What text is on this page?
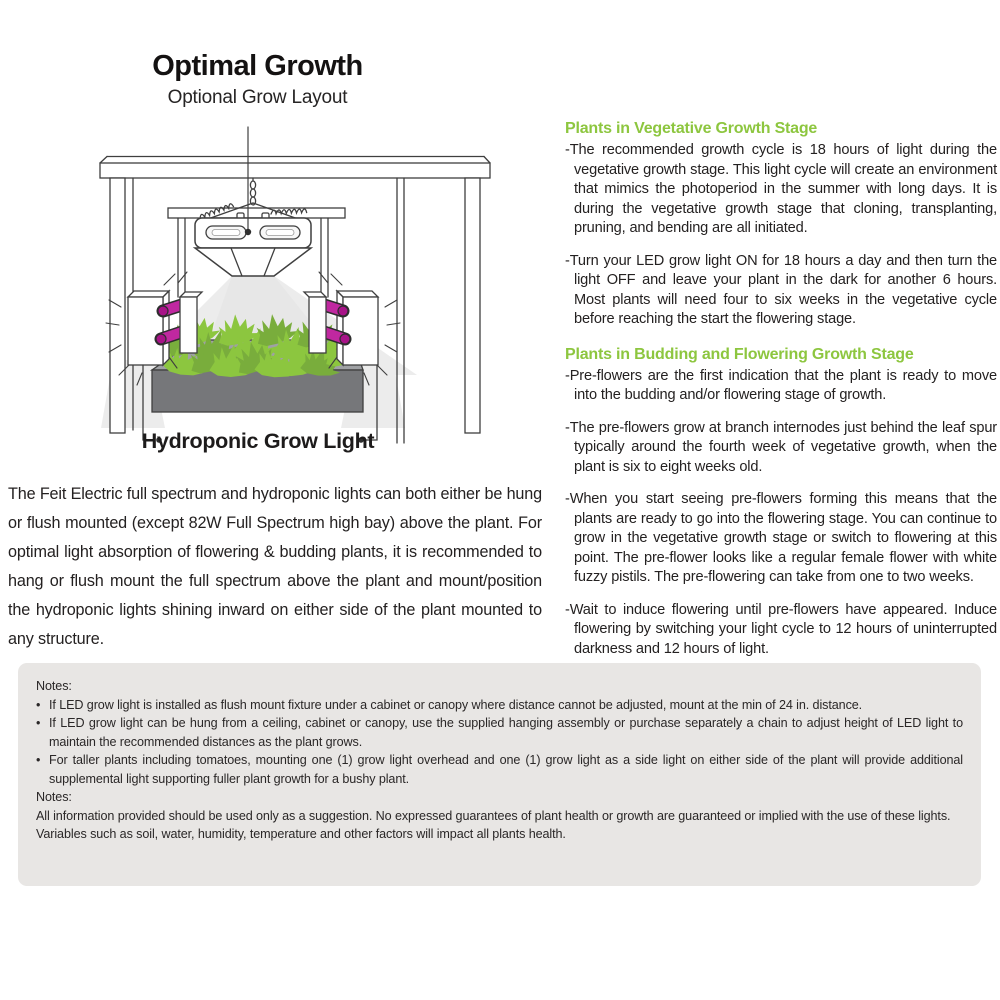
Optimal Growth
Optional Grow Layout
Hydroponic Grow Light

The Feit Electric full spectrum and hydroponic lights can both either be hung or flush mounted (except 82W Full Spectrum high bay) above the plant. For optimal light absorption of flowering & budding plants, it is recommended to hang or flush mount the full spectrum above the plant and mount/position the hydroponic lights shining inward on either side of the plant mounted to any structure.

Plants in Vegetative Growth Stage

-The recommended growth cycle is 18 hours of light during the vegetative growth stage. This light cycle will create an environment that mimics the photoperiod in the summer with long days. It is during the vegetative growth stage that cloning, transplanting, pruning, and bending are all initiated.

-Turn your LED grow light ON for 18 hours a day and then turn the light OFF and leave your plant in the dark for another 6 hours. Most plants will need four to six weeks in the vegetative cycle before reaching the start the flowering stage.

Plants in Budding and Flowering Growth Stage

-Pre-flowers are the first indication that the plant is ready to move into the budding and/or flowering stage of growth.

-The pre-flowers grow at branch internodes just behind the leaf spur typically around the fourth week of vegetative growth, when the plant is six to eight weeks old.

-When you start seeing pre-flowers forming this means that the plants are ready to go into the flowering stage. You can continue to grow in the vegetative growth stage or switch to flowering at this point. The pre-flower looks like a regular female flower with white fuzzy pistils. The pre-flowering can take from one to two weeks.

-Wait to induce flowering until pre-flowers have appeared. Induce flowering by switching your light cycle to 12 hours of uninterrupted darkness and 12 hours of light.

Notes:
• If LED grow light is installed as flush mount fixture under a cabinet or canopy where distance cannot be adjusted, mount at the min of 24 in. distance.
• If LED grow light can be hung from a ceiling, cabinet or canopy, use the supplied hanging assembly or purchase separately a chain to adjust height of LED light to maintain the recommended distances as the plant grows.
• For taller plants including tomatoes, mounting one (1) grow light overhead and one (1) grow light as a side light on either side of the plant will provide additional supplemental light supporting fuller plant growth for a bushy plant.
Notes:

All information provided should be used only as a suggestion. No expressed guarantees of plant health or growth are guaranteed or implied with the use of these lights.

Variables such as soil, water, humidity, temperature and other factors will impact all plants health.
